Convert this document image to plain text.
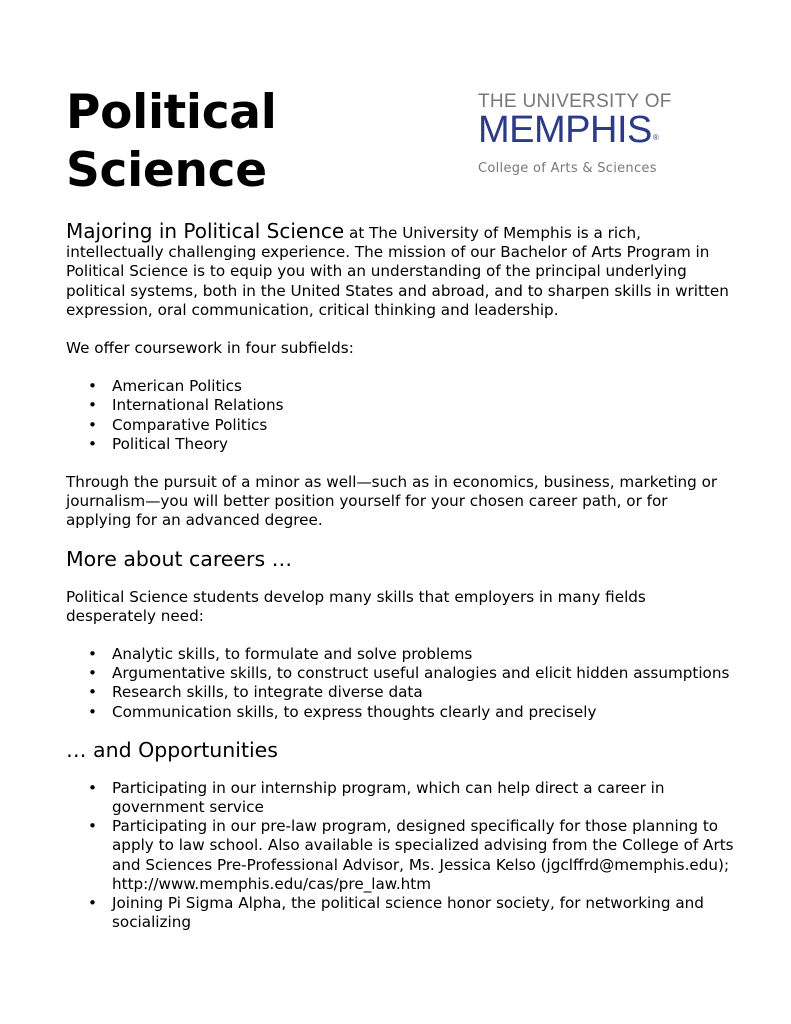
Political
Science
THE UNIVERSITY OF
MEMPHIS®
College of Arts & Sciences

Majoring in Political Science at The University of Memphis is a rich, intellectually challenging experience. The mission of our Bachelor of Arts Program in Political Science is to equip you with an understanding of the principal underlying political systems, both in the United States and abroad, and to sharpen skills in written expression, oral communication, critical thinking and leadership.

We offer coursework in four subfields:

• American Politics
• International Relations
• Comparative Politics
• Political Theory

Through the pursuit of a minor as well—such as in economics, business, marketing or journalism—you will better position yourself for your chosen career path, or for applying for an advanced degree.

More about careers …

Political Science students develop many skills that employers in many fields desperately need:

• Analytic skills, to formulate and solve problems
• Argumentative skills, to construct useful analogies and elicit hidden assumptions
• Research skills, to integrate diverse data
• Communication skills, to express thoughts clearly and precisely
… and Opportunities
• Participating in our internship program, which can help direct a career in government service
• Participating in our pre-law program, designed specifically for those planning to apply to law school. Also available is specialized advising from the College of Arts and Sciences Pre-Professional Advisor, Ms. Jessica Kelso (jgclffrd@memphis.edu); http://www.memphis.edu/cas/pre_law.htm
• Joining Pi Sigma Alpha, the political science honor society, for networking and socializing
